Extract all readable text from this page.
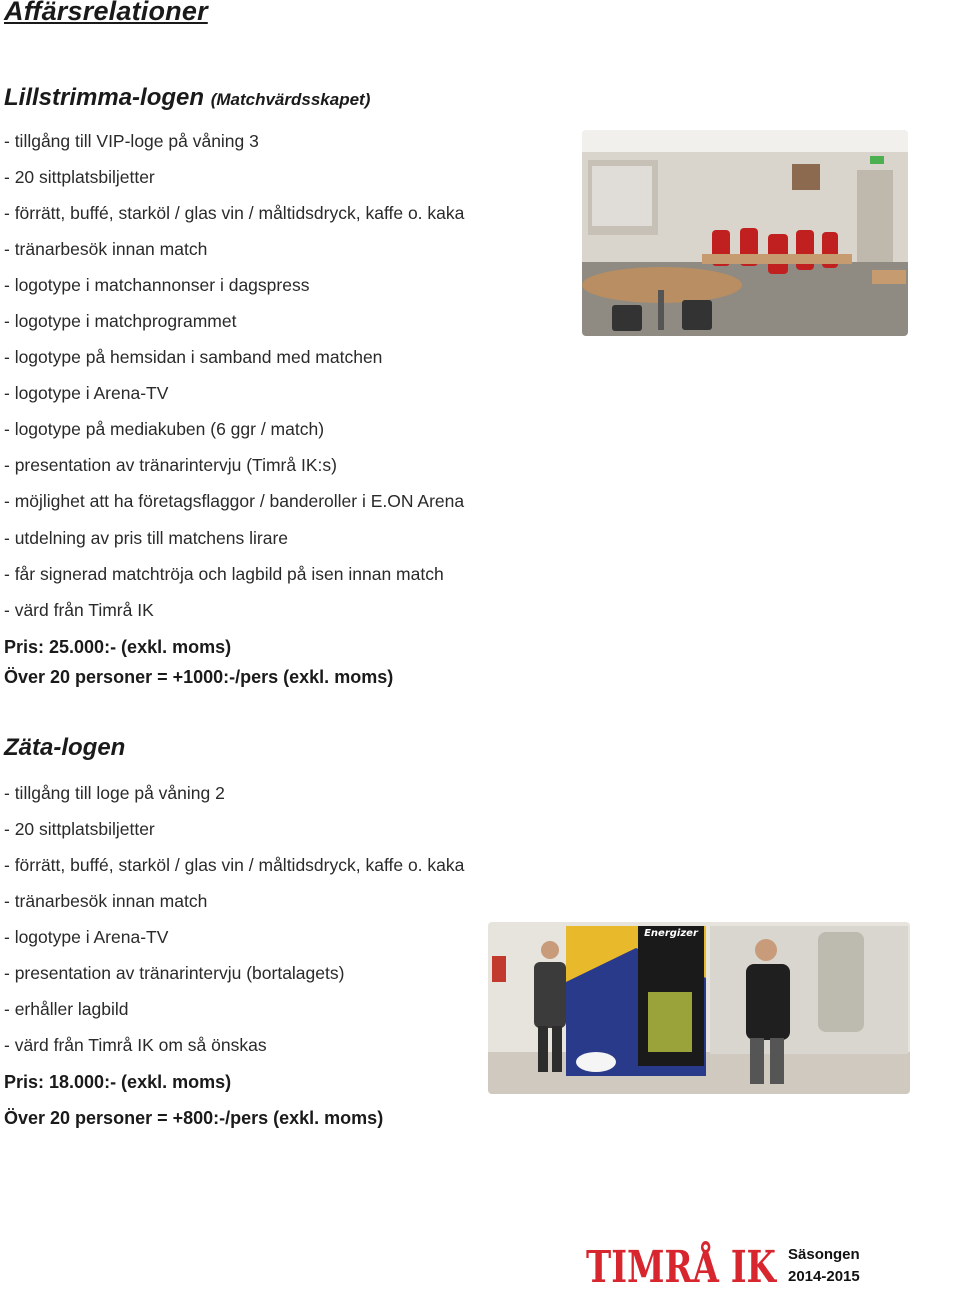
Affärsrelationer
Lillstrimma-logen (Matchvärdsskapet)
- tillgång till VIP-loge på våning 3
- 20 sittplatsbiljetter
- förrätt, buffé, starköl / glas vin / måltidsdryck, kaffe o. kaka
- tränarbesök innan match
- logotype i matchannonser i dagspress
- logotype i matchprogrammet
- logotype på hemsidan i samband med matchen
- logotype i Arena-TV
- logotype på mediakuben (6 ggr / match)
- presentation av tränarintervju (Timrå IK:s)
- möjlighet att ha företagsflaggor / banderoller i E.ON Arena
- utdelning av pris till matchens lirare
- får signerad matchtröja och lagbild på isen innan match
- värd från Timrå IK
Pris: 25.000:- (exkl. moms)
Över 20 personer = +1000:-/pers (exkl. moms)
Zäta-logen
- tillgång till loge på våning 2
- 20 sittplatsbiljetter
- förrätt, buffé, starköl / glas vin / måltidsdryck, kaffe o. kaka
- tränarbesök innan match
- logotype i Arena-TV
- presentation av tränarintervju (bortalagets)
- erhåller lagbild
- värd från Timrå IK om så önskas
Pris: 18.000:- (exkl. moms)
Över 20 personer = +800:-/pers (exkl. moms)
Energizer
TIMRÅ	Säsongen
2014-2015
